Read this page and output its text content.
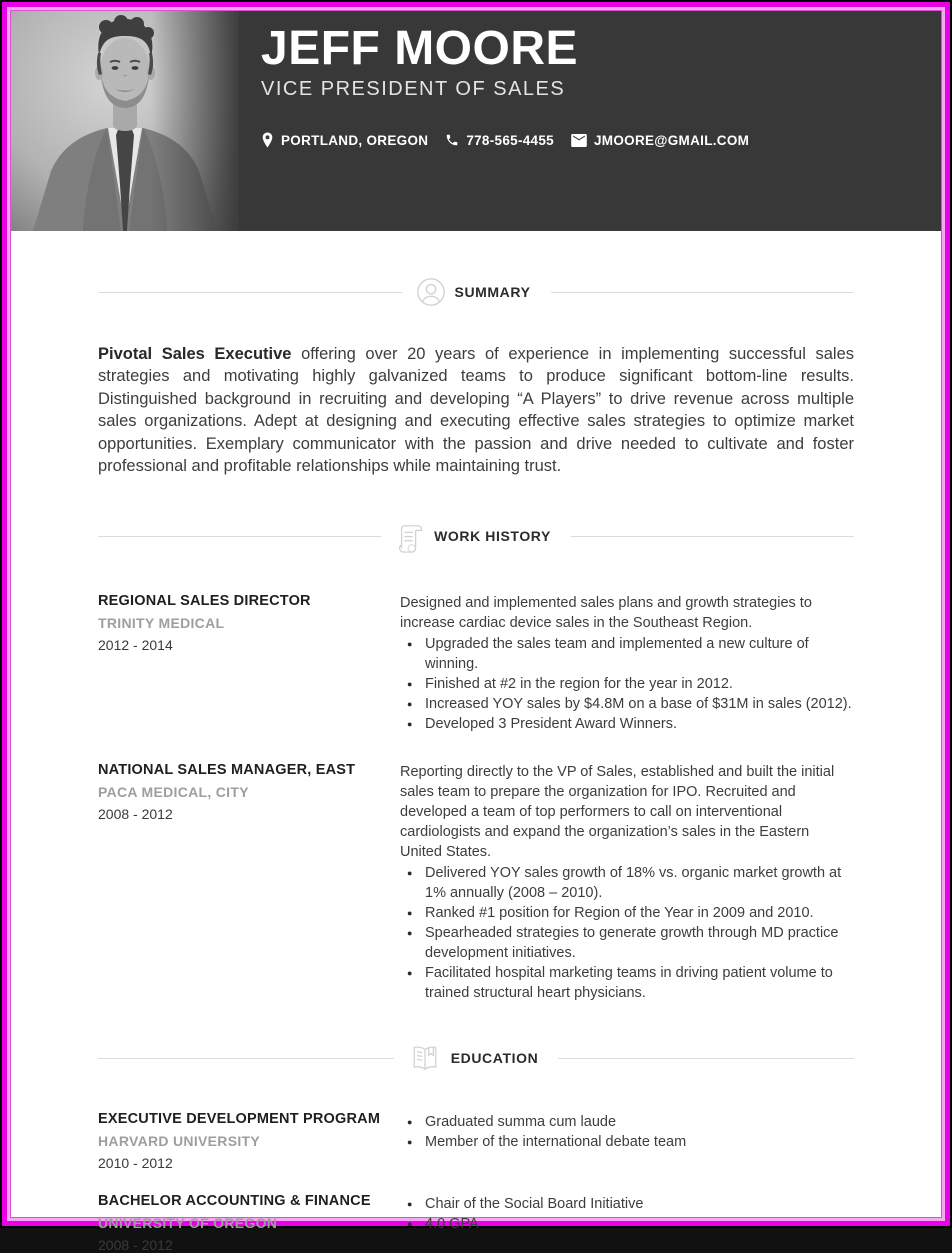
JEFF MOORE
VICE PRESIDENT OF SALES
PORTLAND, OREGON	778-565-4455	JMOORE@GMAIL.COM
SUMMARY

Pivotal Sales Executive offering over 20 years of experience in implementing successful sales strategies and motivating highly galvanized teams to produce significant bottom-line results. Distinguished background in recruiting and developing “A Players” to drive revenue across multiple sales organizations. Adept at designing and executing effective sales strategies to optimize market opportunities. Exemplary communicator with the passion and drive needed to cultivate and foster professional and profitable relationships while maintaining trust.

WORK HISTORY
REGIONAL SALES DIRECTOR
TRINITY MEDICAL
2012 - 2014

Designed and implemented sales plans and growth strategies to increase cardiac device sales in the Southeast Region.

● Upgraded the sales team and implemented a new culture of winning.
● Finished at #2 in the region for the year in 2012.
● Increased YOY sales by $4.8M on a base of $31M in sales (2012).
● Developed 3 President Award Winners.
NATIONAL SALES MANAGER, EAST
PACA MEDICAL, CITY
2008 - 2012

Reporting directly to the VP of Sales, established and built the initial sales team to prepare the organization for IPO. Recruited and developed a team of top performers to call on interventional cardiologists and expand the organization’s sales in the Eastern United States.

● Delivered YOY sales growth of 18% vs. organic market growth at 1% annually (2008 – 2010).
● Ranked #1 position for Region of the Year in 2009 and 2010.
● Spearheaded strategies to generate growth through MD practice development initiatives.
● Facilitated hospital marketing teams in driving patient volume to trained structural heart physicians.
EDUCATION
EXECUTIVE DEVELOPMENT PROGRAM
HARVARD UNIVERSITY
2010 - 2012
● Graduated summa cum laude
● Member of the international debate team
BACHELOR ACCOUNTING & FINANCE
UNIVERSITY OF OREGON
2008 - 2012
● Chair of the Social Board Initiative
● 4.0 GPA
